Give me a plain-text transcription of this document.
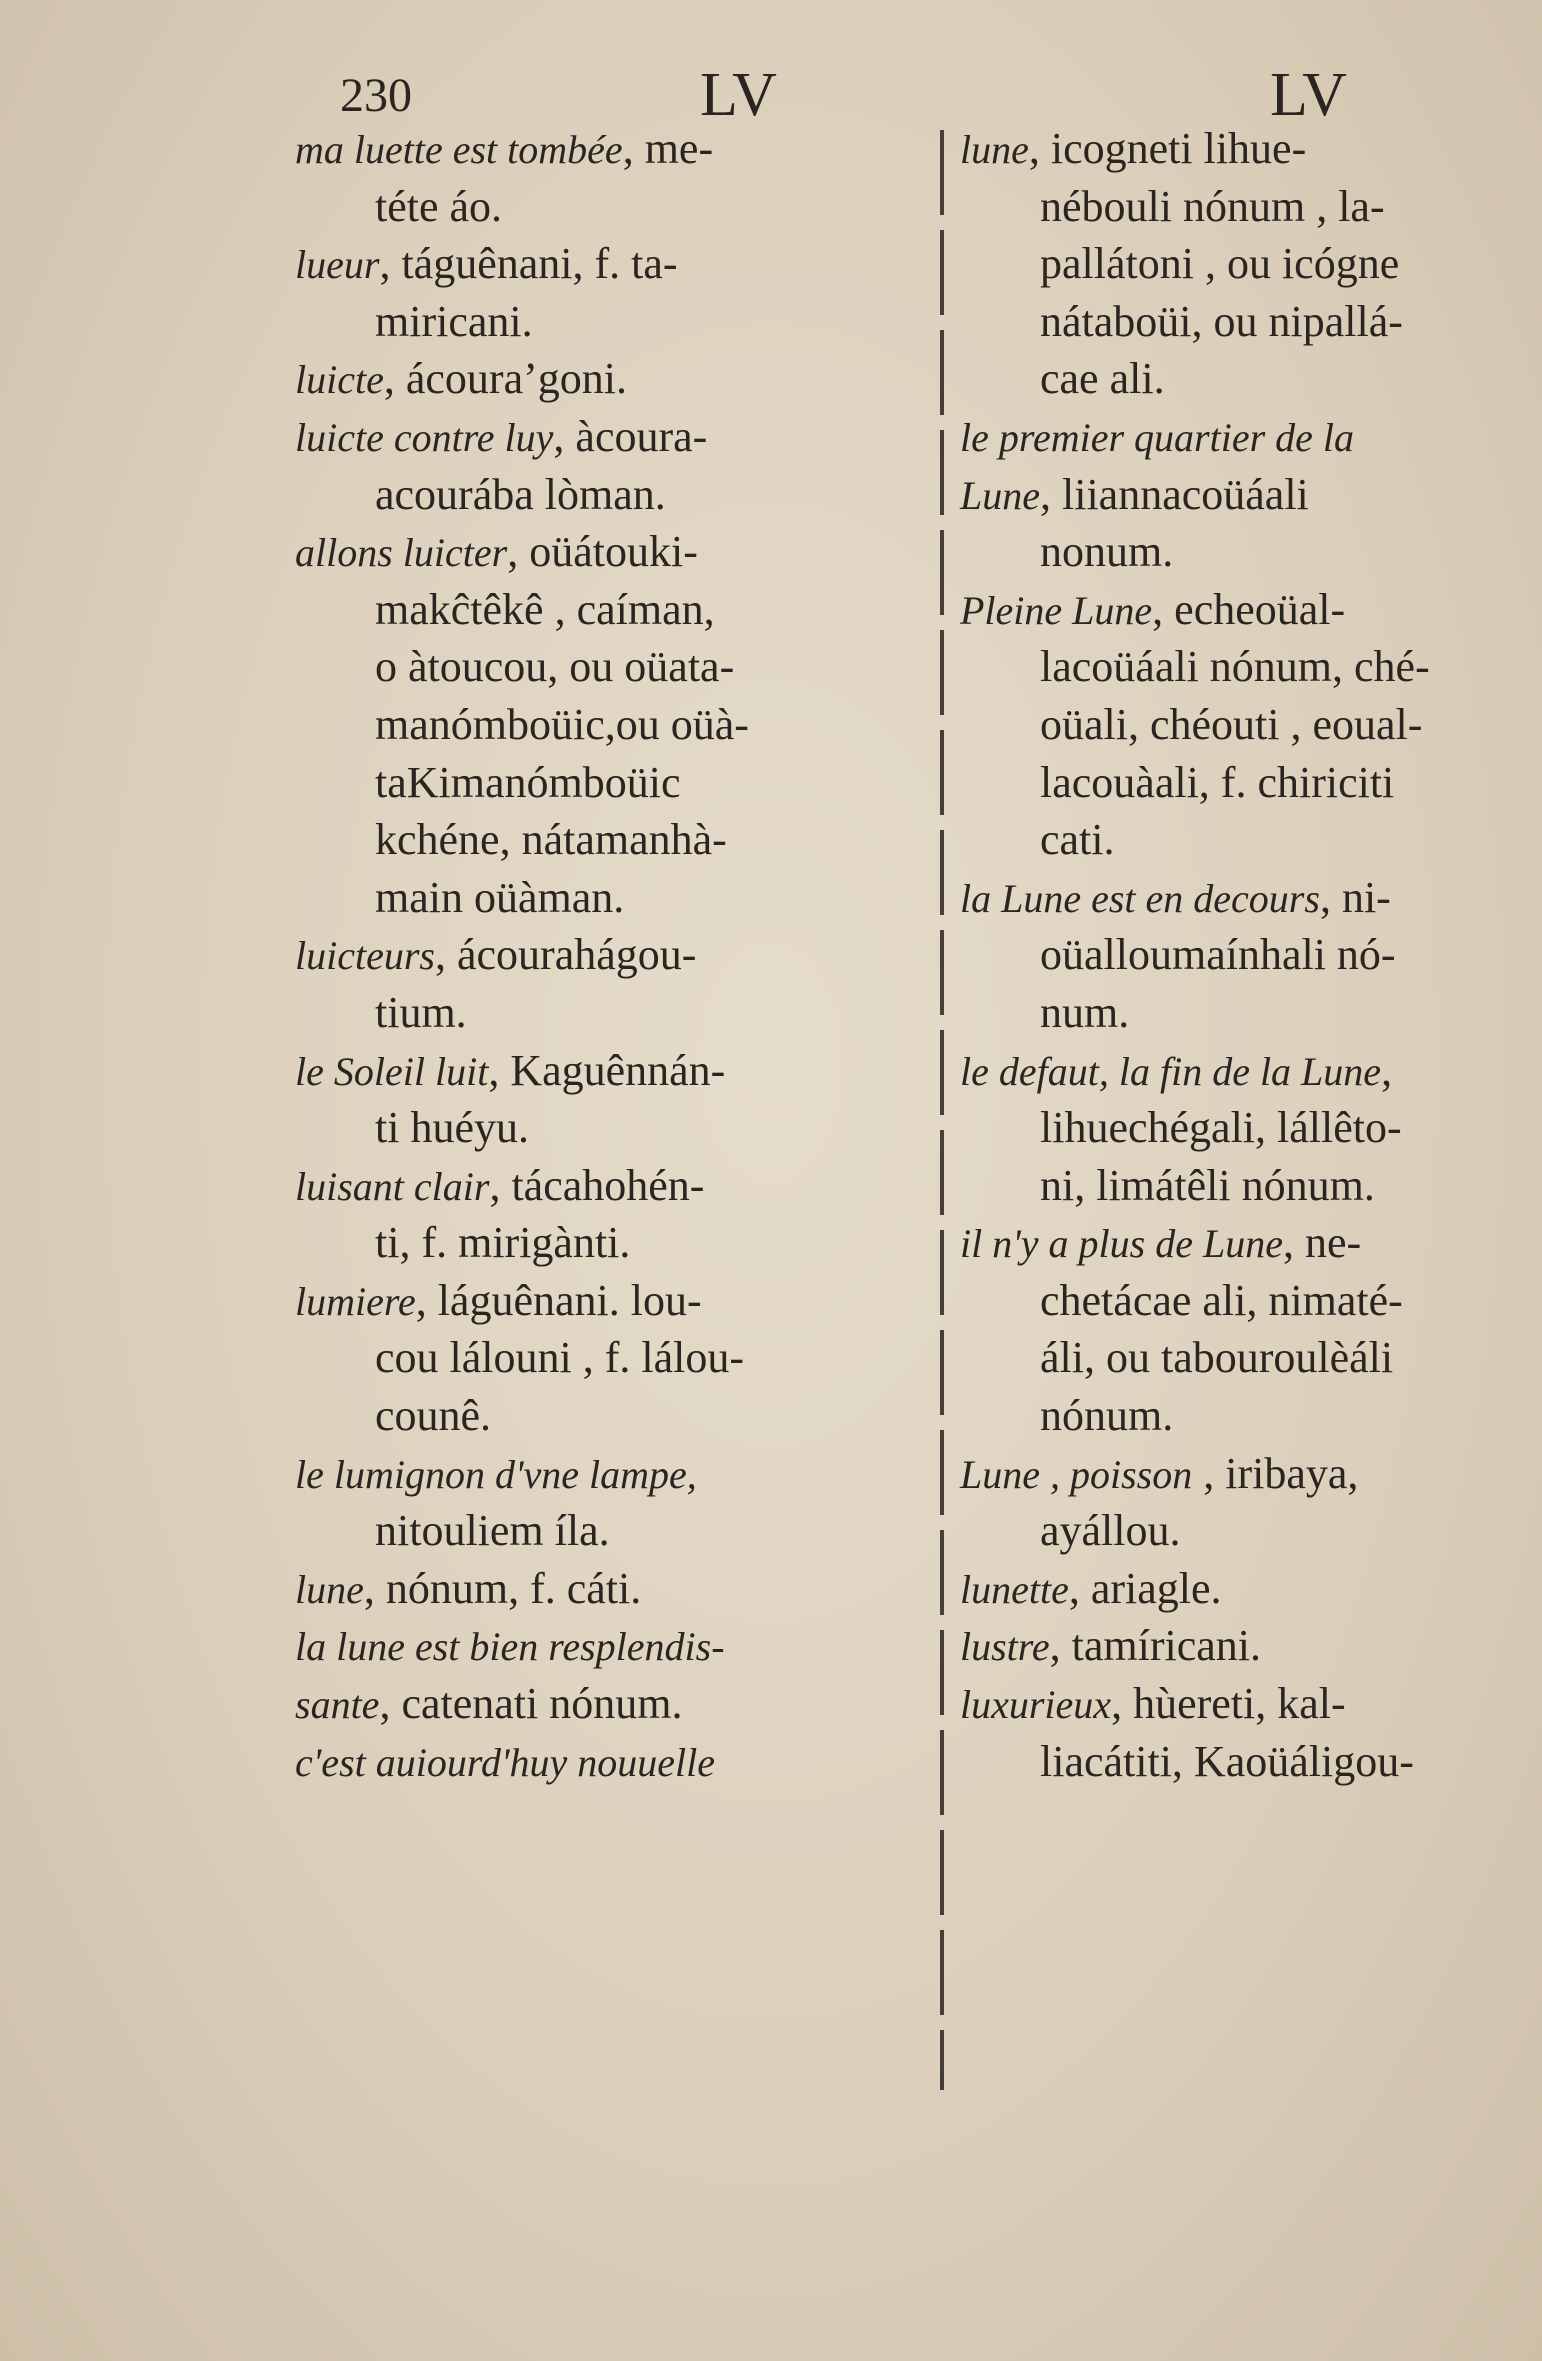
230	LV	LV
ma luette est tombée, me-
téte áo.
lueur, táguênani, f. ta-
miricani.
luicte, ácouraʼgoni.
luicte contre luy, àcoura-
acourába lòman.
allons luicter, oüátouki-
makĉtêkê , caíman,
o àtoucou, ou oüata-
manómboüic,ou oüà-
taKimanómboüic
kchéne, nátamanhà-
main oüàman.
luicteurs, ácourahágou-
tium.
le Soleil luit, Kaguênnán-
ti huéyu.
luisant clair, tácahohén-
ti, f. mirigànti.
lumiere, láguênani. lou-
cou lálouni , f. lálou-
counê.
le lumignon d'vne lampe,
nitouliem íla.
lune, nónum, f. cáti.
la lune est bien resplendis-
sante, catenati nónum.
c'est auiourd'huy nouuelle
lune, icogneti lihue-
nébouli nónum , la-
pallátoni , ou icógne
nátaboüi, ou nipallá-
cae ali.
le premier quartier de la
Lune, liiannacoüáali
nonum.
Pleine Lune, echeoüal-
lacoüáali nónum, ché-
oüali, chéouti , eoual-
lacouàali, f. chiriciti
cati.
la Lune est en decours, ni-
oüalloumaínhali nó-
num.
le defaut, la fin de la Lune,
lihuechégali, lállêto-
ni, limátêli nónum.
il n'y a plus de Lune, ne-
chetácae ali, nimaté-
áli, ou tabouroulèáli
nónum.
Lune , poisson , iribaya,
ayállou.
lunette, ariagle.
lustre, tamíricani.
luxurieux, hùereti, kal-
liacátiti, Kaoüáligou-
